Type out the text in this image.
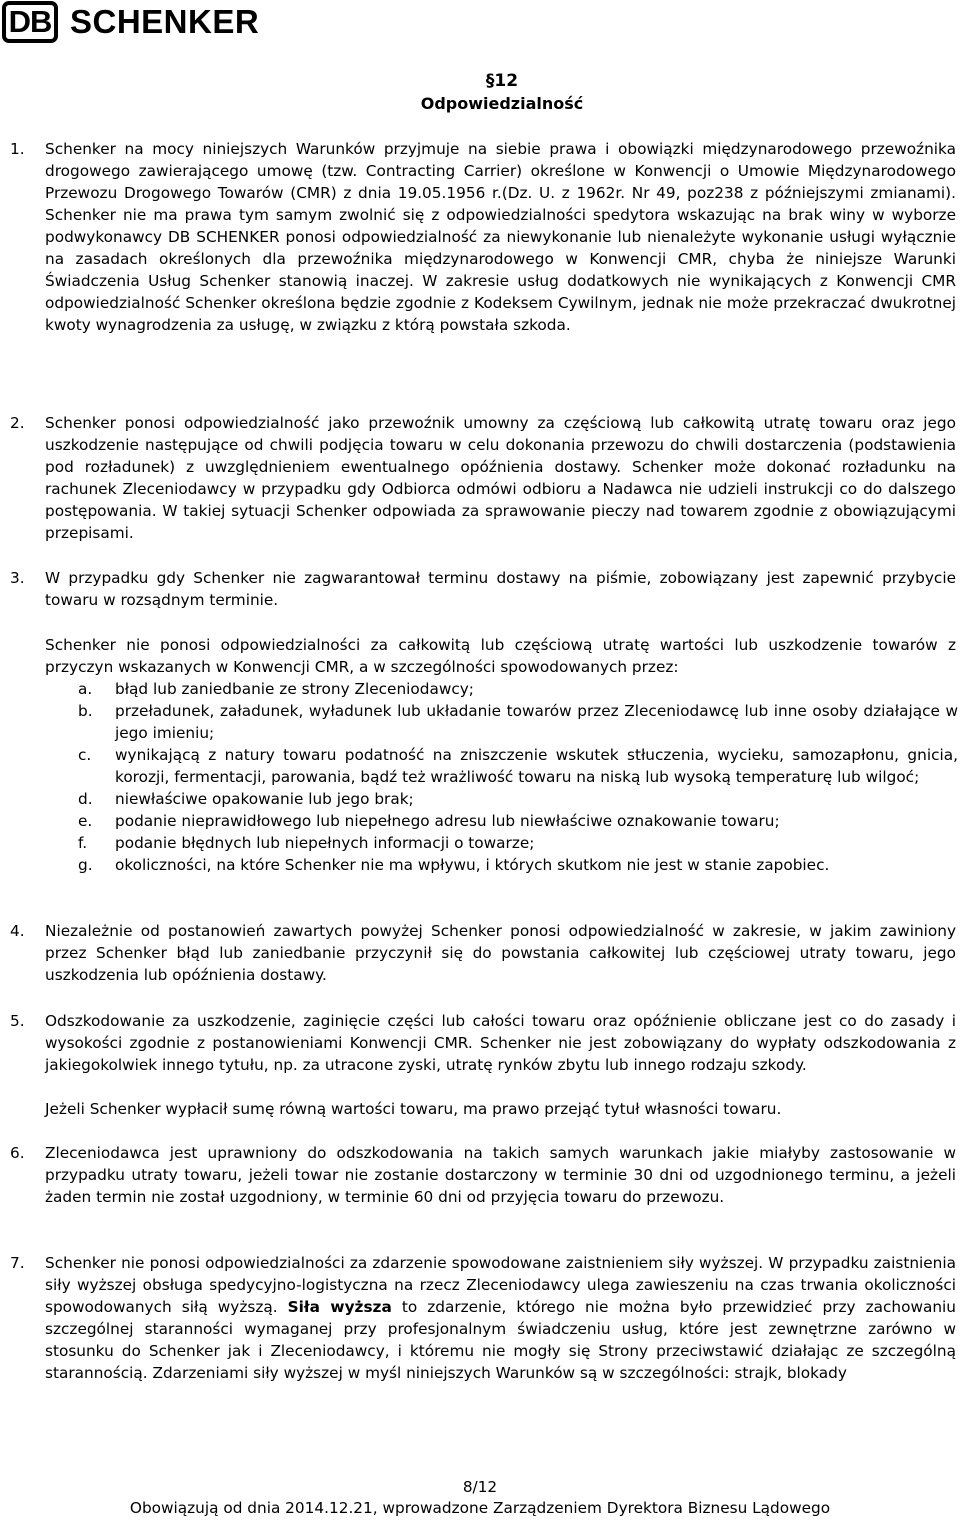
DB SCHENKER
§12
Odpowiedzialność
1. Schenker na mocy niniejszych Warunków przyjmuje na siebie prawa i obowiązki międzynarodowego przewoźnika drogowego zawierającego umowę (tzw. Contracting Carrier) określone w Konwencji o Umowie Międzynarodowego Przewozu Drogowego Towarów (CMR) z dnia 19.05.1956 r.(Dz. U. z 1962r. Nr 49, poz238 z późniejszymi zmianami). Schenker nie ma prawa tym samym zwolnić się z odpowiedzialności spedytora wskazując na brak winy w wyborze podwykonawcy DB SCHENKER ponosi odpowiedzialność za niewykonanie lub nienależyte wykonanie usługi wyłącznie na zasadach określonych dla przewoźnika międzynarodowego w Konwencji CMR, chyba że niniejsze Warunki Świadczenia Usług Schenker stanowią inaczej. W zakresie usług dodatkowych nie wynikających z Konwencji CMR odpowiedzialność Schenker określona będzie zgodnie z Kodeksem Cywilnym, jednak nie może przekraczać dwukrotnej kwoty wynagrodzenia za usługę, w związku z którą powstała szkoda.
2. Schenker ponosi odpowiedzialność jako przewoźnik umowny za częściową lub całkowitą utratę towaru oraz jego uszkodzenie następujące od chwili podjęcia towaru w celu dokonania przewozu do chwili dostarczenia (podstawienia pod rozładunek) z uwzględnieniem ewentualnego opóźnienia dostawy. Schenker może dokonać rozładunku na rachunek Zleceniodawcy w przypadku gdy Odbiorca odmówi odbioru a Nadawca nie udzieli instrukcji co do dalszego postępowania. W takiej sytuacji Schenker odpowiada za sprawowanie pieczy nad towarem zgodnie z obowiązującymi przepisami.
3. W przypadku gdy Schenker nie zagwarantował terminu dostawy na piśmie, zobowiązany jest zapewnić przybycie towaru w rozsądnym terminie.
Schenker nie ponosi odpowiedzialności za całkowitą lub częściową utratę wartości lub uszkodzenie towarów z przyczyn wskazanych w Konwencji CMR, a w szczególności spowodowanych przez:
a. błąd lub zaniedbanie ze strony Zleceniodawcy;
b. przeładunek, załadunek, wyładunek lub układanie towarów przez Zleceniodawcę lub inne osoby działające w jego imieniu;
c. wynikającą z natury towaru podatność na zniszczenie wskutek stłuczenia, wycieku, samozapłonu, gnicia, korozji, fermentacji, parowania, bądź też wrażliwość towaru na niską lub wysoką temperaturę lub wilgoć;
d. niewłaściwe opakowanie lub jego brak;
e. podanie nieprawidłowego lub niepełnego adresu lub niewłaściwe oznakowanie towaru;
f. podanie błędnych lub niepełnych informacji o towarze;
g. okoliczności, na które Schenker nie ma wpływu, i których skutkom nie jest w stanie zapobiec.
4. Niezależnie od postanowień zawartych powyżej Schenker ponosi odpowiedzialność w zakresie, w jakim zawiniony przez Schenker błąd lub zaniedbanie przyczynił się do powstania całkowitej lub częściowej utraty towaru, jego uszkodzenia lub opóźnienia dostawy.
5. Odszkodowanie za uszkodzenie, zaginięcie części lub całości towaru oraz opóźnienie obliczane jest co do zasady i wysokości zgodnie z postanowieniami Konwencji CMR. Schenker nie jest zobowiązany do wypłaty odszkodowania z jakiegokolwiek innego tytułu, np. za utracone zyski, utratę rynków zbytu lub innego rodzaju szkody.
Jeżeli Schenker wypłacił sumę równą wartości towaru, ma prawo przejąć tytuł własności towaru.
6. Zleceniodawca jest uprawniony do odszkodowania na takich samych warunkach jakie miałyby zastosowanie w przypadku utraty towaru, jeżeli towar nie zostanie dostarczony w terminie 30 dni od uzgodnionego terminu, a jeżeli żaden termin nie został uzgodniony, w terminie 60 dni od przyjęcia towaru do przewozu.
7. Schenker nie ponosi odpowiedzialności za zdarzenie spowodowane zaistnieniem siły wyższej. W przypadku zaistnienia siły wyższej obsługa spedycyjno-logistyczna na rzecz Zleceniodawcy ulega zawieszeniu na czas trwania okoliczności spowodowanych siłą wyższą. Siła wyższa to zdarzenie, którego nie można było przewidzieć przy zachowaniu szczególnej staranności wymaganej przy profesjonalnym świadczeniu usług, które jest zewnętrzne zarówno w stosunku do Schenker jak i Zleceniodawcy, i któremu nie mogły się Strony przeciwstawić działając ze szczególną starannością. Zdarzeniami siły wyższej w myśl niniejszych Warunków są w szczególności: strajk, blokady
8/12
Obowiązują od dnia 2014.12.21, wprowadzone Zarządzeniem Dyrektora Biznesu Lądowego
